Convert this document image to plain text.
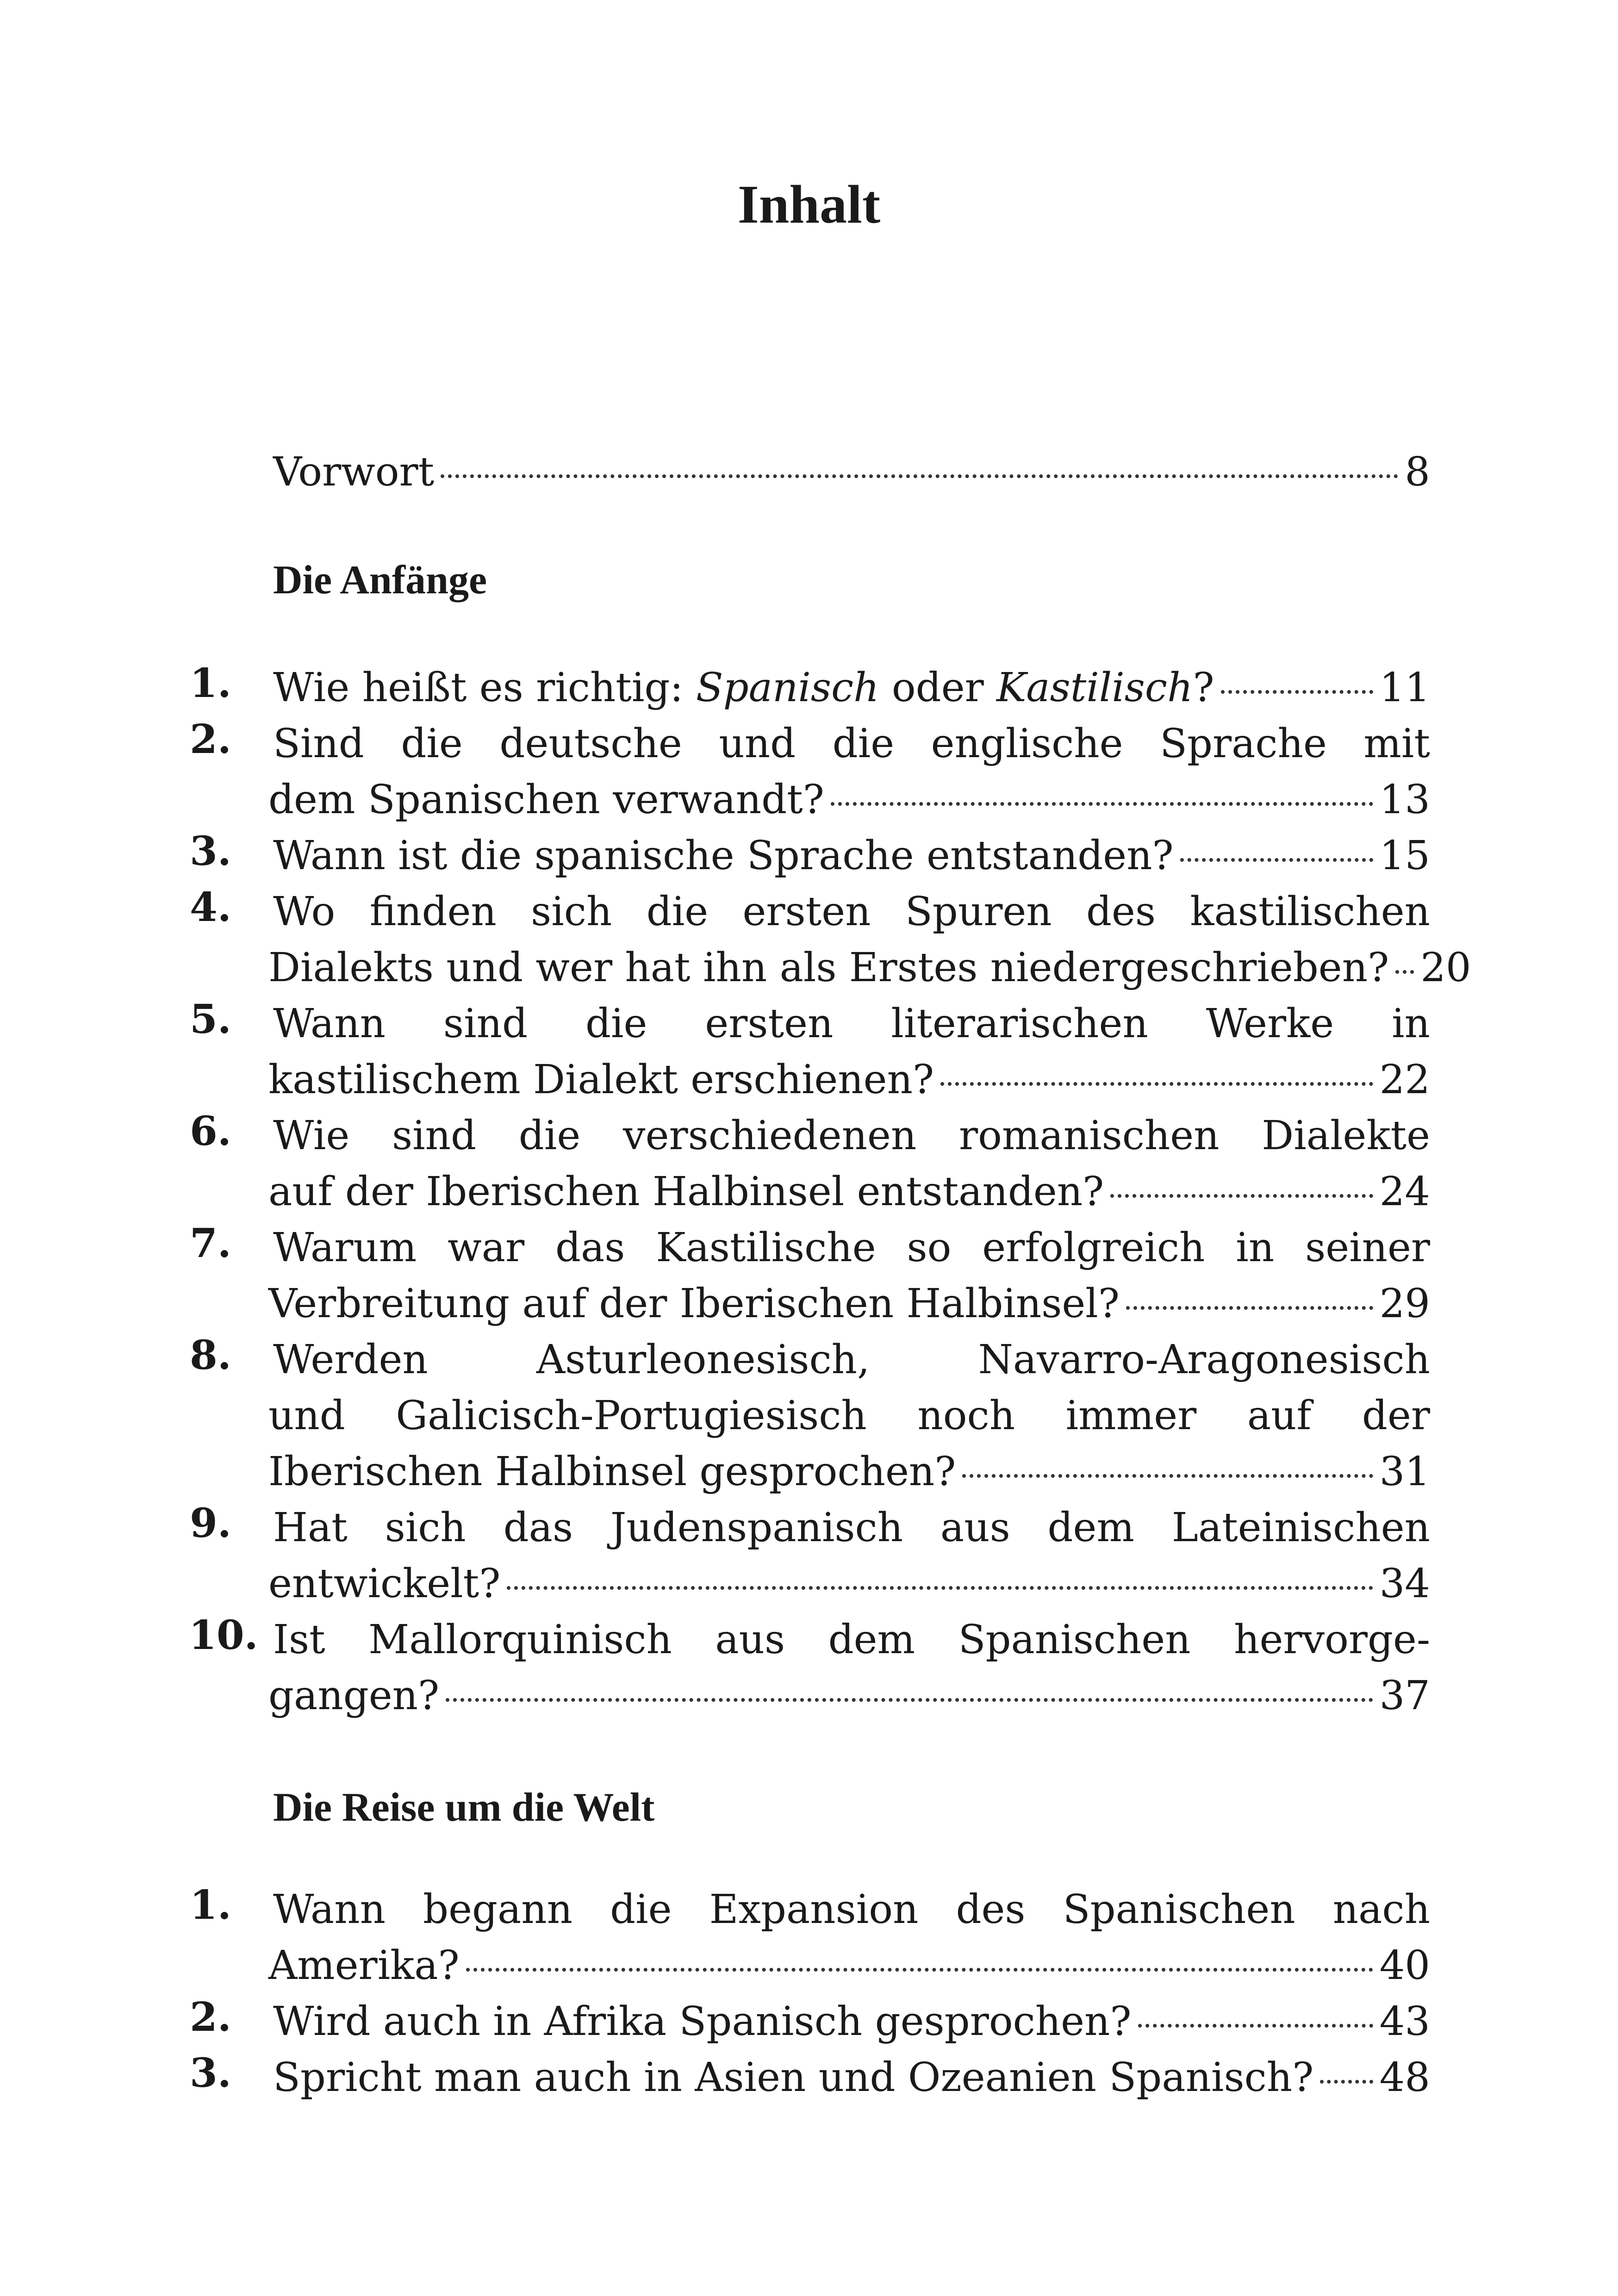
Inhalt
Vorwort	8
Die Anfänge
1. Wie heißt es richtig: Spanisch oder Kastilisch?	11
2. Sind die deutsche und die englische Sprache mit
dem Spanischen verwandt?	13
3. Wann ist die spanische Sprache entstanden?	15
4. Wo finden sich die ersten Spuren des kastilischen
Dialekts und wer hat ihn als Erstes niedergeschrieben? 20
5. Wann sind die ersten literarischen Werke in
kastilischem Dialekt erschienen?	22
6. Wie sind die verschiedenen romanischen Dialekte
auf der Iberischen Halbinsel entstanden?	24
7. Warum war das Kastilische so erfolgreich in seiner
Verbreitung auf der Iberischen Halbinsel?	29
8. Werden Asturleonesisch, Navarro-Aragonesisch
und Galicisch-Portugiesisch noch immer auf der
Iberischen Halbinsel gesprochen?	31
9. Hat sich das Judenspanisch aus dem Lateinischen
entwickelt?	34
10. Ist Mallorquinisch aus dem Spanischen hervorge-
gangen?	37
Die Reise um die Welt
1. Wann begann die Expansion des Spanischen nach
Amerika?	40
2. Wird auch in Afrika Spanisch gesprochen?	43
3. Spricht man auch in Asien und Ozeanien Spanisch? 48
